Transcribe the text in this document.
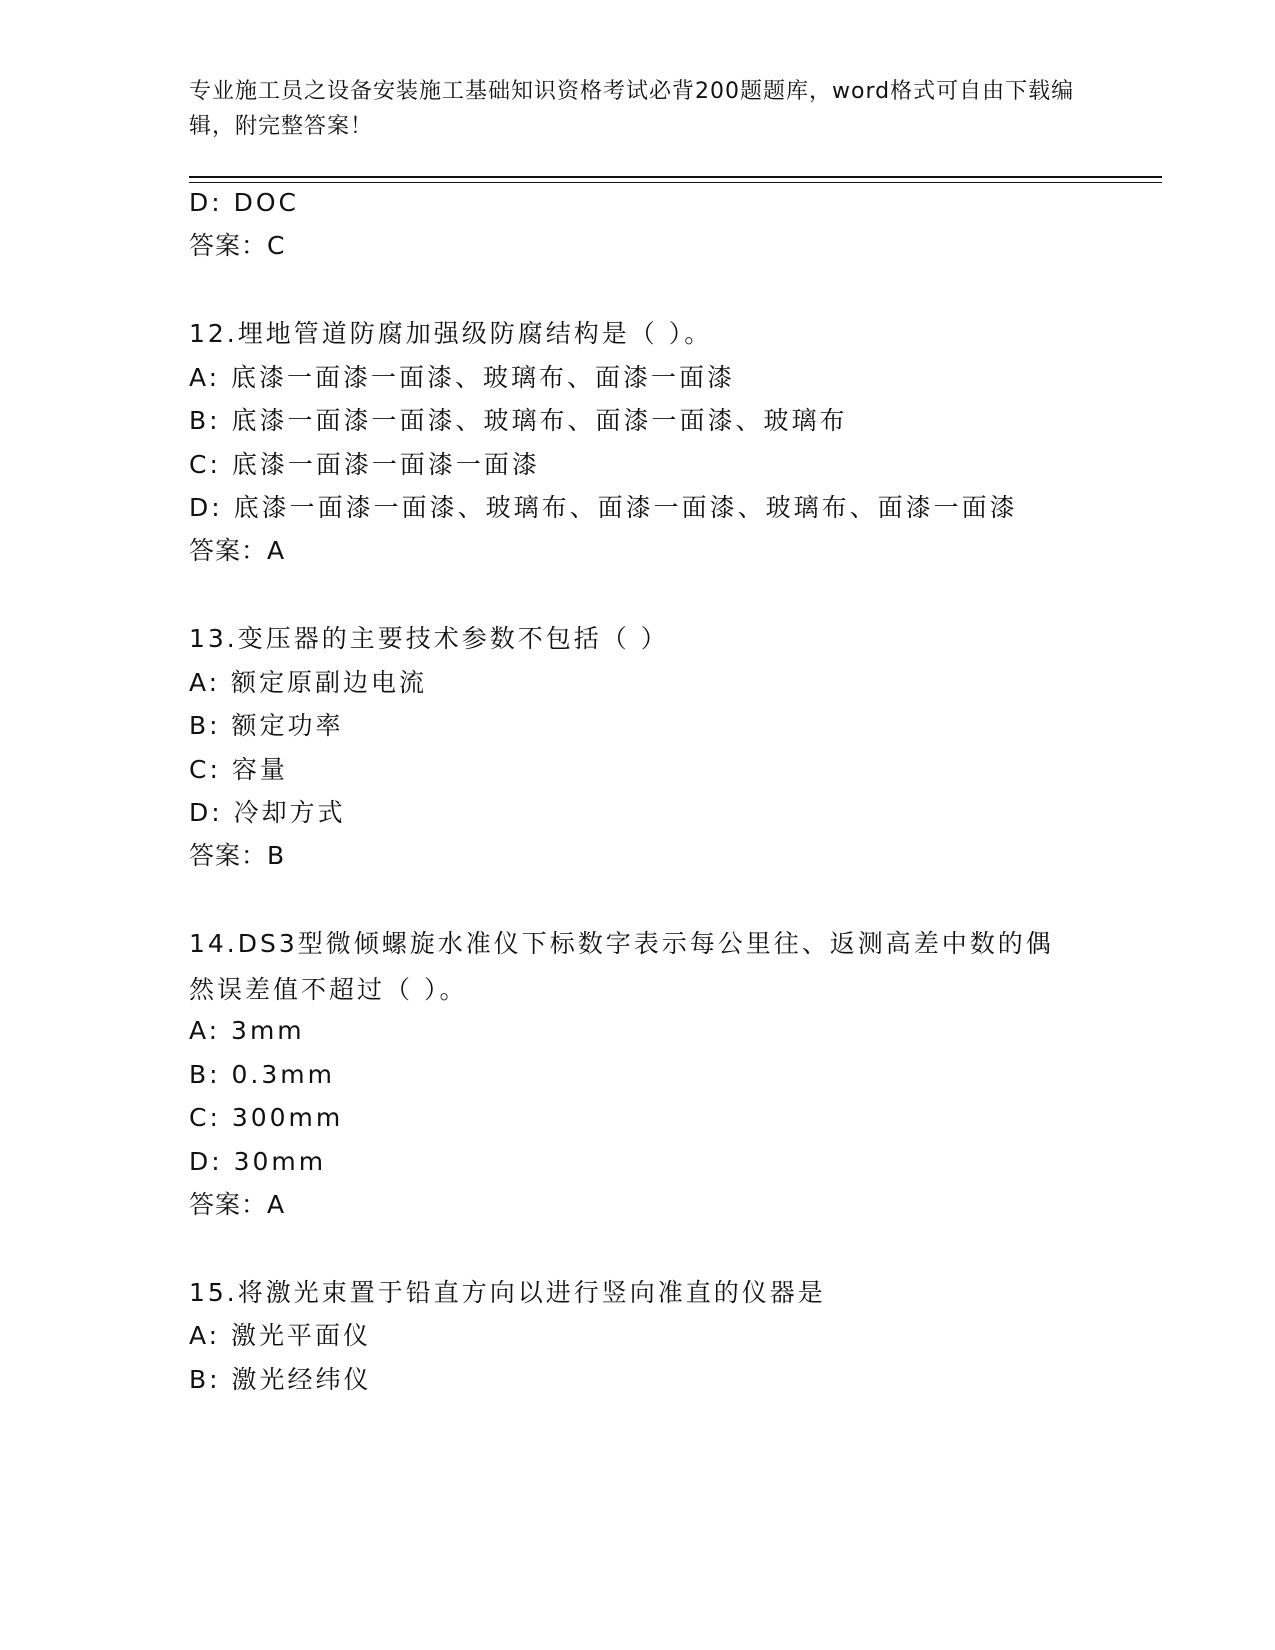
专业施工员之设备安装施工基础知识资格考试必背200题题库，word格式可自由下载编辑，附完整答案！
D: DOC
答案：C
12.埋地管道防腐加强级防腐结构是（ ）。
A: 底漆一面漆一面漆、玻璃布、面漆一面漆
B: 底漆一面漆一面漆、玻璃布、面漆一面漆、玻璃布
C: 底漆一面漆一面漆一面漆
D: 底漆一面漆一面漆、玻璃布、面漆一面漆、玻璃布、面漆一面漆
答案：A
13.变压器的主要技术参数不包括（ ）
A: 额定原副边电流
B: 额定功率
C: 容量
D: 冷却方式
答案：B
14.DS3型微倾螺旋水准仪下标数字表示每公里往、返测高差中数的偶然误差值不超过（ ）。
A: 3mm
B: 0.3mm
C: 300mm
D: 30mm
答案：A
15.将激光束置于铅直方向以进行竖向准直的仪器是
A: 激光平面仪
B: 激光经纬仪
